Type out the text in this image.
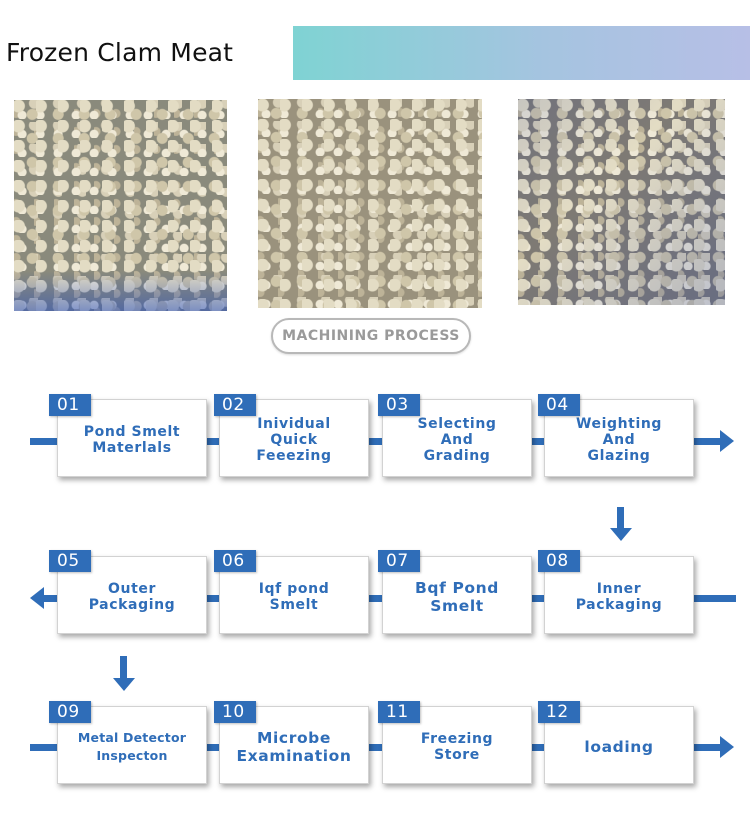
Frozen Clam Meat
MACHINING PROCESS
Pond Smelt
Materlals
01
Inividual
Quick
Feeezing
02
Selecting
And
Grading
03
Weighting
And
Glazing
04
Outer
Packaging
05
Iqf pond
Smelt
06
Bqf Pond
Smelt
07
Inner
Packaging
08
Metal Detector
Inspecton
09
Microbe
Examination
10
Freezing
Store
11
loading
12
